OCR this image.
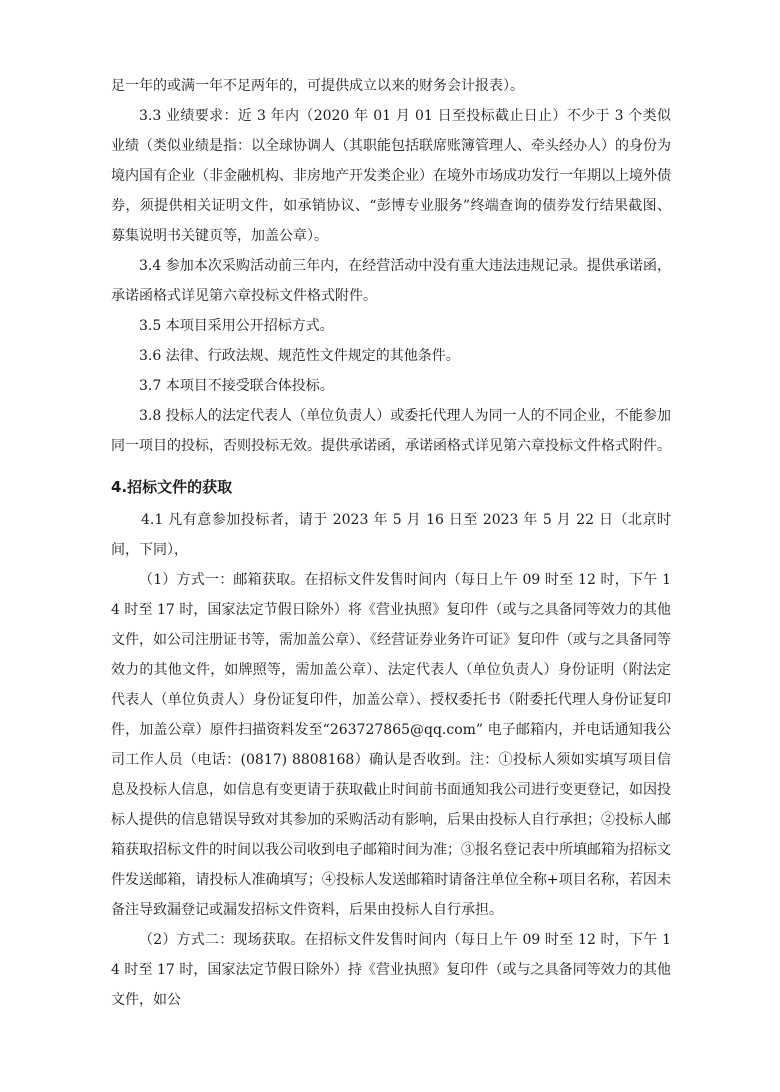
足一年的或满一年不足两年的，可提供成立以来的财务会计报表）。

3.3 业绩要求：近 3 年内（2020 年 01 月 01 日至投标截止日止）不少于 3 个类似业绩（类似业绩是指：以全球协调人（其职能包括联席账簿管理人、牵头经办人）的身份为境内国有企业（非金融机构、非房地产开发类企业）在境外市场成功发行一年期以上境外债券，须提供相关证明文件，如承销协议、“彭博专业服务”终端查询的债券发行结果截图、募集说明书关键页等，加盖公章）。

3.4 参加本次采购活动前三年内，在经营活动中没有重大违法违规记录。提供承诺函，承诺函格式详见第六章投标文件格式附件。

3.5 本项目采用公开招标方式。

3.6 法律、行政法规、规范性文件规定的其他条件。

3.7 本项目不接受联合体投标。

3.8 投标人的法定代表人（单位负责人）或委托代理人为同一人的不同企业，不能参加同一项目的投标，否则投标无效。提供承诺函，承诺函格式详见第六章投标文件格式附件。

4.招标文件的获取

4.1 凡有意参加投标者，请于 2023 年 5 月 16 日至 2023 年 5 月 22 日（北京时间，下同），

（1）方式一：邮箱获取。在招标文件发售时间内（每日上午 09 时至 12 时，下午 14 时至 17 时，国家法定节假日除外）将《营业执照》复印件（或与之具备同等效力的其他文件，如公司注册证书等，需加盖公章）、《经营证券业务许可证》复印件（或与之具备同等效力的其他文件，如牌照等，需加盖公章）、法定代表人（单位负责人）身份证明（附法定代表人（单位负责人）身份证复印件，加盖公章）、授权委托书（附委托代理人身份证复印件，加盖公章）原件扫描资料发至“263727865@qq.com” 电子邮箱内，并电话通知我公司工作人员（电话：(0817) 8808168）确认是否收到。注：①投标人须如实填写项目信息及投标人信息，如信息有变更请于获取截止时间前书面通知我公司进行变更登记，如因投标人提供的信息错误导致对其参加的采购活动有影响，后果由投标人自行承担；②投标人邮箱获取招标文件的时间以我公司收到电子邮箱时间为准；③报名登记表中所填邮箱为招标文件发送邮箱，请投标人准确填写；④投标人发送邮箱时请备注单位全称+项目名称，若因未备注导致漏登记或漏发招标文件资料，后果由投标人自行承担。

（2）方式二：现场获取。在招标文件发售时间内（每日上午 09 时至 12 时，下午 14 时至 17 时，国家法定节假日除外）持《营业执照》复印件（或与之具备同等效力的其他文件，如公
